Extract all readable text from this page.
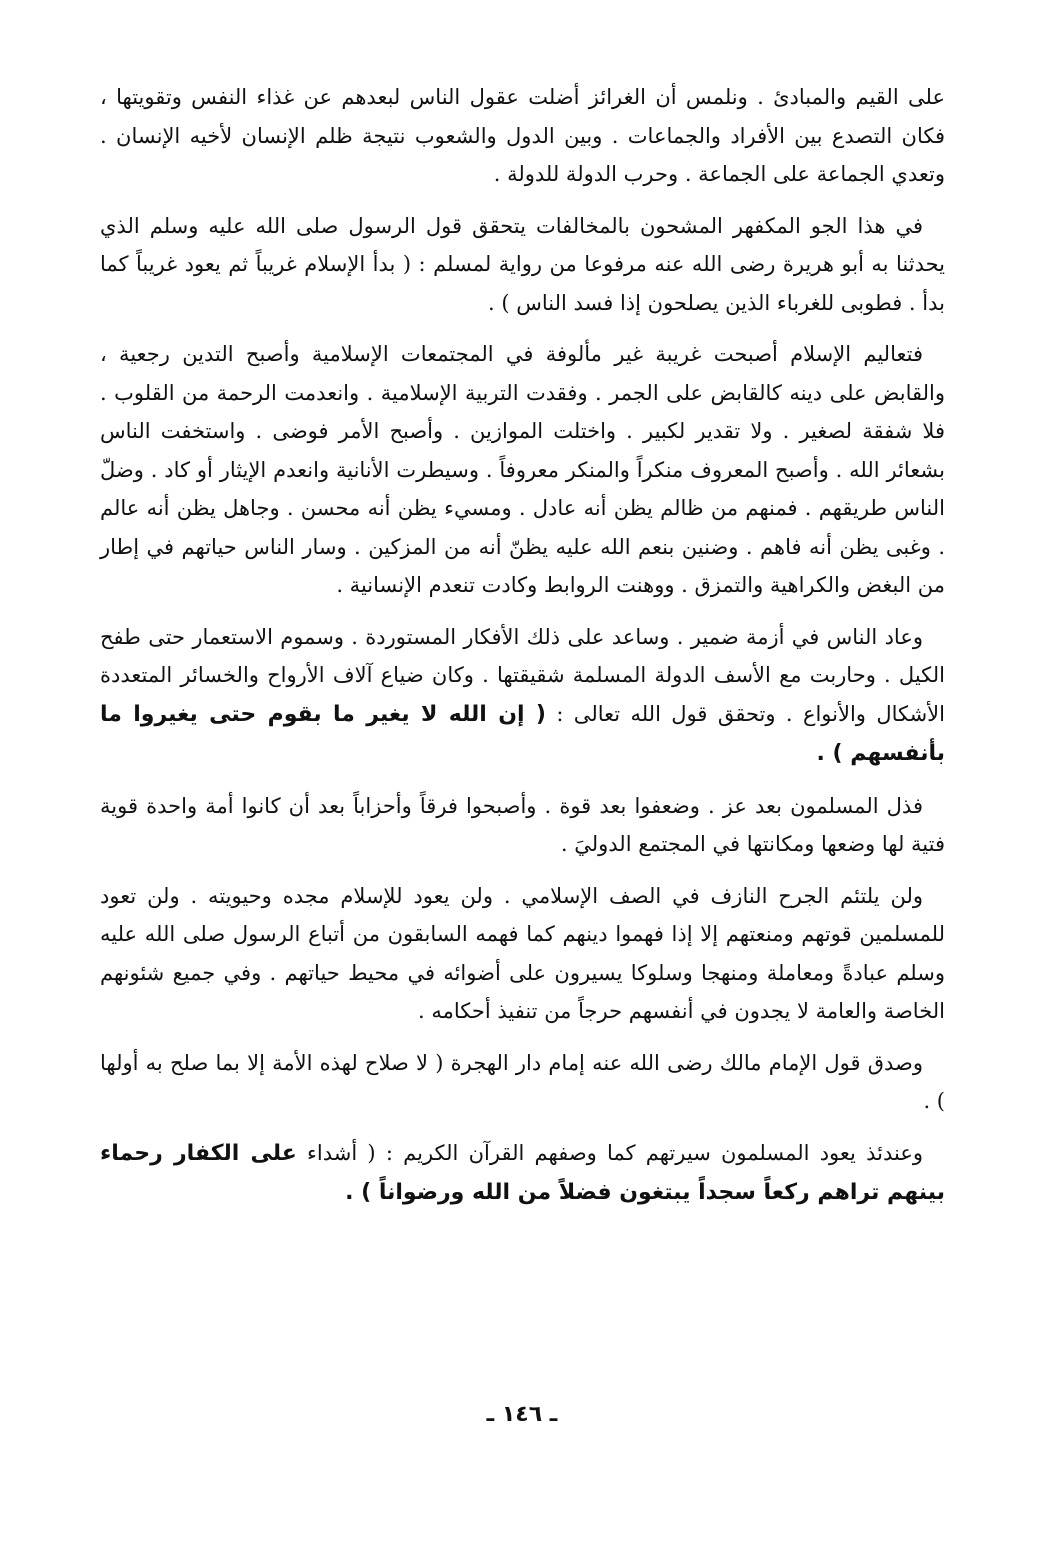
على القيم والمبادئ . ونلمس أن الغرائز أضلت عقول الناس لبعدهم عن غذاء النفس وتقويتها ، فكان التصدع بين الأفراد والجماعات . وبين الدول والشعوب نتيجة ظلم الإنسان لأخيه الإنسان . وتعدي الجماعة على الجماعة . وحرب الدولة للدولة .

في هذا الجو المكفهر المشحون بالمخالفات يتحقق قول الرسول صلى الله عليه وسلم الذي يحدثنا به أبو هريرة رضى الله عنه مرفوعا من رواية لمسلم : ( بدأ الإسلام غريباً ثم يعود غريباً كما بدأ . فطوبى للغرباء الذين يصلحون إذا فسد الناس ) .

فتعاليم الإسلام أصبحت غريبة غير مألوفة في المجتمعات الإسلامية وأصبح التدين رجعية ، والقابض على دينه كالقابض على الجمر . وفقدت التربية الإسلامية . وانعدمت الرحمة من القلوب . فلا شفقة لصغير . ولا تقدير لكبير . واختلت الموازين . وأصبح الأمر فوضى . واستخفت الناس بشعائر الله . وأصبح المعروف منكراً والمنكر معروفاً . وسيطرت الأنانية وانعدم الإيثار أو كاد . وضلّ الناس طريقهم . فمنهم من ظالم يظن أنه عادل . ومسيء يظن أنه محسن . وجاهل يظن أنه عالم . وغبى يظن أنه فاهم . وضنين بنعم الله عليه يظنّ أنه من المزكين . وسار الناس حياتهم في إطار من البغض والكراهية والتمزق . ووهنت الروابط وكادت تنعدم الإنسانية .

وعاد الناس في أزمة ضمير . وساعد على ذلك الأفكار المستوردة . وسموم الاستعمار حتى طفح الكيل . وحاربت مع الأسف الدولة المسلمة شقيقتها . وكان ضياع آلاف الأرواح والخسائر المتعددة الأشكال والأنواع . وتحقق قول الله تعالى : ( إن الله لا يغير ما بقوم حتى يغيروا ما بأنفسهم ) .

فذل المسلمون بعد عز . وضعفوا بعد قوة . وأصبحوا فرقاً وأحزاباً بعد أن كانوا أمة واحدة قوية فتية لها وضعها ومكانتها في المجتمع الدوليَ .

ولن يلتئم الجرح النازف في الصف الإسلامي . ولن يعود للإسلام مجده وحيويته . ولن تعود للمسلمين قوتهم ومنعتهم إلا إذا فهموا دينهم كما فهمه السابقون من أتباع الرسول صلى الله عليه وسلم عبادةً ومعاملة ومنهجا وسلوكا يسيرون على أضوائه في محيط حياتهم . وفي جميع شئونهم الخاصة والعامة لا يجدون في أنفسهم حرجاً من تنفيذ أحكامه .

وصدق قول الإمام مالك رضى الله عنه إمام دار الهجرة ( لا صلاح لهذه الأمة إلا بما صلح به أولها ) .

وعندئذ يعود المسلمون سيرتهم كما وصفهم القرآن الكريم : ( أشداء على الكفار رحماء بينهم تراهم ركعاً سجداً يبتغون فضلاً من الله ورضواناً ) .

ـ ١٤٦ ـ
